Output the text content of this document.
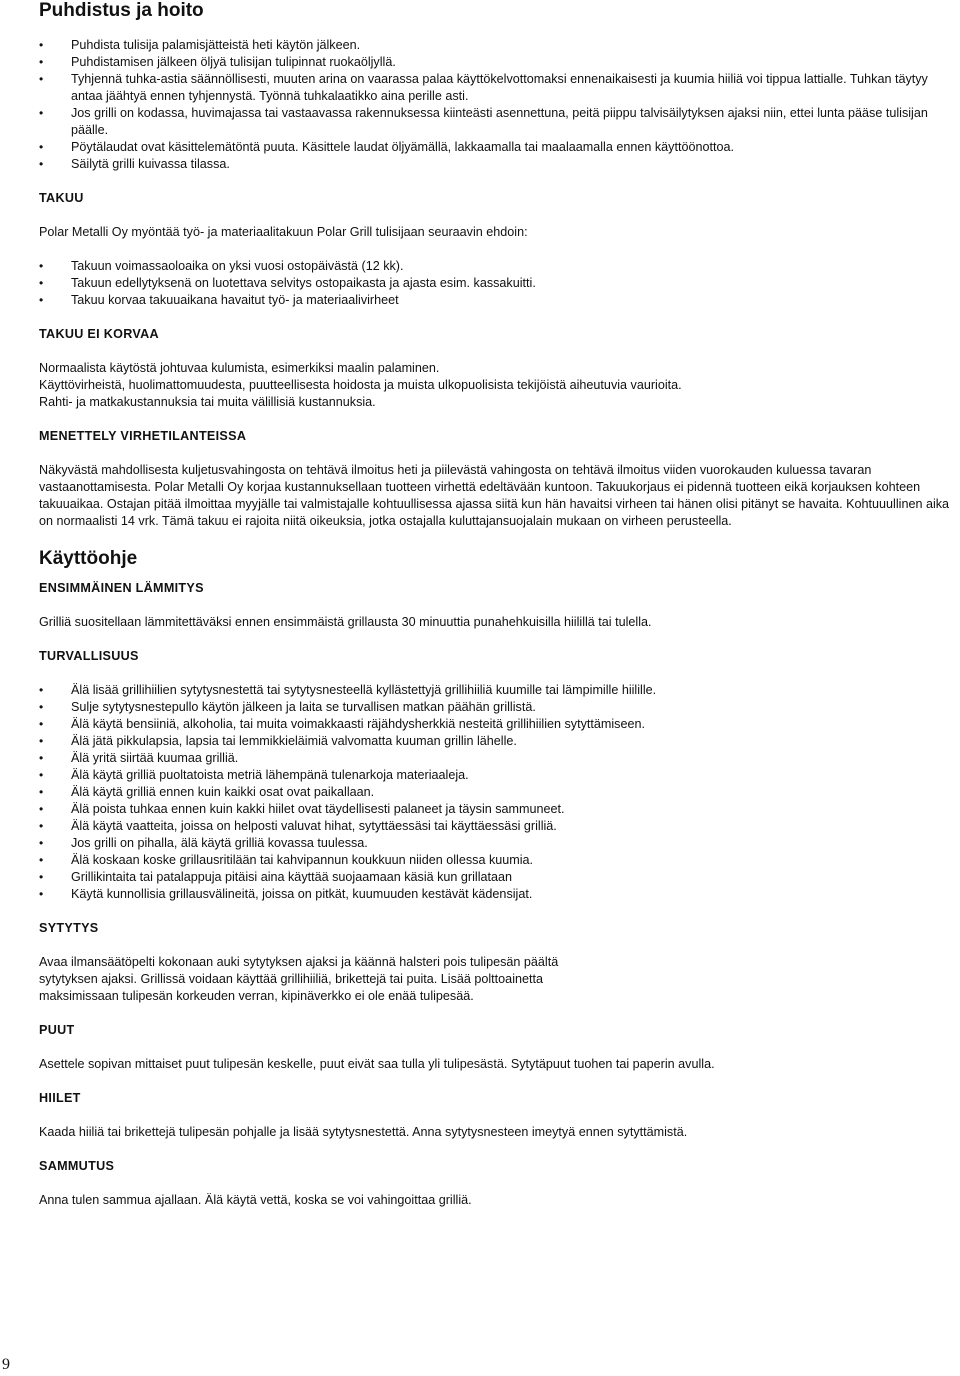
Puhdistus ja hoito
• Puhdista tulisija palamisjätteistä heti käytön jälkeen.
• Puhdistamisen jälkeen öljyä tulisijan tulipinnat ruokaöljyllä.
• Tyhjennä tuhka-astia säännöllisesti, muuten arina on vaarassa palaa käyttökelvottomaksi ennenaikaisesti ja kuumia hiiliä voi tippua lattialle. Tuhkan täytyy antaa jäähtyä ennen tyhjennystä. Työnnä tuhkalaatikko aina perille asti.
• Jos grilli on kodassa, huvimajassa tai vastaavassa rakennuksessa kiinteästi asennettuna, peitä piippu talvisäilytyksen ajaksi niin, ettei lunta pääse tulisijan päälle.
• Pöytälaudat ovat käsittelemätöntä puuta. Käsittele laudat öljyämällä, lakkaamalla tai maalaamalla ennen käyttöönottoa.
• Säilytä grilli kuivassa tilassa.
TAKUU

Polar Metalli Oy myöntää työ- ja materiaalitakuun Polar Grill tulisijaan seuraavin ehdoin:

• Takuun voimassaoloaika on yksi vuosi ostopäivästä (12 kk).
• Takuun edellytyksenä on luotettava selvitys ostopaikasta ja ajasta esim. kassakuitti.
• Takuu korvaa takuuaikana havaitut työ- ja materiaalivirheet
TAKUU EI KORVAA

Normaalista käytöstä johtuvaa kulumista, esimerkiksi maalin palaminen.

Käyttövirheistä, huolimattomuudesta, puutteellisesta hoidosta ja muista ulkopuolisista tekijöistä aiheutuvia vaurioita.

Rahti- ja matkakustannuksia tai muita välillisiä kustannuksia.

MENETTELY VIRHETILANTEISSA

Näkyvästä mahdollisesta kuljetusvahingosta on tehtävä ilmoitus heti ja piilevästä vahingosta on tehtävä ilmoitus viiden vuorokauden kuluessa tavaran vastaanottamisesta. Polar Metalli Oy korjaa kustannuksellaan tuotteen virhettä edeltävään kuntoon. Takuukorjaus ei pidennä tuotteen eikä korjauksen kohteen takuuaikaa. Ostajan pitää ilmoittaa myyjälle tai valmistajalle kohtuullisessa ajassa siitä kun hän havaitsi virheen tai hänen olisi pitänyt se havaita. Kohtuuullinen aika on normaalisti 14 vrk. Tämä takuu ei rajoita niitä oikeuksia, jotka ostajalla kuluttajansuojalain mukaan on virheen perusteella.

Käyttöohje
ENSIMMÄINEN LÄMMITYS

Grilliä suositellaan lämmitettäväksi ennen ensimmäistä grillausta 30 minuuttia punahehkuisilla hiilillä tai tulella.

TURVALLISUUS
• Älä lisää grillihiilien sytytysnestettä tai sytytysnesteellä kyllästettyjä grillihiiliä kuumille tai lämpimille hiilille.
• Sulje sytytysnestepullo käytön jälkeen ja laita se turvallisen matkan päähän grillistä.
• Älä käytä bensiiniä, alkoholia, tai muita voimakkaasti räjähdysherkkiä nesteitä grillihiilien sytyttämiseen.
• Älä jätä pikkulapsia, lapsia tai lemmikkieläimiä valvomatta kuuman grillin lähelle.
• Älä yritä siirtää kuumaa grilliä.
• Älä käytä grilliä puoltatoista metriä lähempänä tulenarkoja materiaaleja.
• Älä käytä grilliä ennen kuin kaikki osat ovat paikallaan.
• Älä poista tuhkaa ennen kuin kakki hiilet ovat täydellisesti palaneet ja täysin sammuneet.
• Älä käytä vaatteita, joissa on helposti valuvat hihat, sytyttäessäsi tai käyttäessäsi grilliä.
• Jos grilli on pihalla, älä käytä grilliä kovassa tuulessa.
• Älä koskaan koske grillausritilään tai kahvipannun koukkuun niiden ollessa kuumia.
• Grillikintaita tai patalappuja pitäisi aina käyttää suojaamaan käsiä kun grillataan
• Käytä kunnollisia grillausvälineitä, joissa on pitkät, kuumuuden kestävät kädensijat.
SYTYTYS

Avaa ilmansäätöpelti kokonaan auki sytytyksen ajaksi ja käännä halsteri pois tulipesän päältä

sytytyksen ajaksi. Grillissä voidaan käyttää grillihiiliä, brikettejä tai puita. Lisää polttoainetta

maksimissaan tulipesän korkeuden verran, kipinäverkko ei ole enää tulipesää.

PUUT

Asettele sopivan mittaiset puut tulipesän keskelle, puut eivät saa tulla yli tulipesästä. Sytytäpuut tuohen tai paperin avulla.

HIILET

Kaada hiiliä tai brikettejä tulipesän pohjalle ja lisää sytytysnestettä. Anna sytytysnesteen imeytyä ennen sytyttämistä.

SAMMUTUS

Anna tulen sammua ajallaan. Älä käytä vettä, koska se voi vahingoittaa grilliä.

9
